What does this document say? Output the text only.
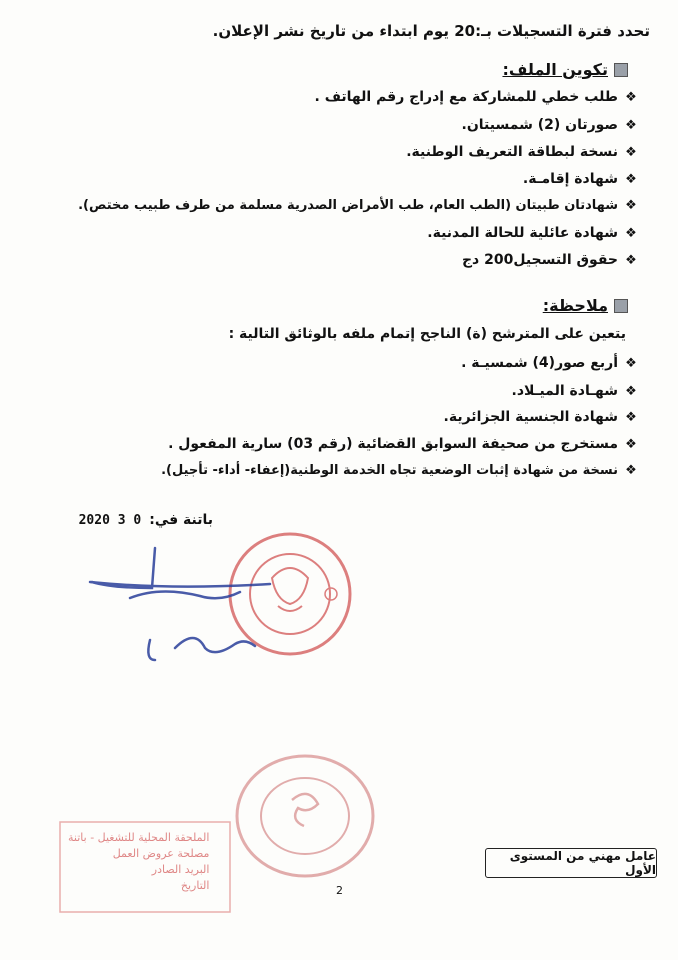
تحدد فترة التسجيلات بـ:20 يوم ابتداء من تاريخ نشر الإعلان.
تكوين الملف:
❖
طلب خطي للمشاركة مع إدراج رقم الهاتف .
❖
صورتان (2) شمسيتان.
❖
نسخة لبطاقة التعريف الوطنية.
❖
شهادة إقامـة.
❖
شهادتان طبيتان (الطب العام، طب الأمراض الصدرية مسلمة من طرف طبيب مختص).
❖
شهادة عائلية للحالة المدنية.
❖
حقوق التسجيل200 دج
ملاحظة:
يتعين على المترشح (ة) الناجح إتمام ملفه بالوثائق التالية :
❖
أربع صور(4) شمسيـة .
❖
شهـادة الميـلاد.
❖
شهادة الجنسية الجزائرية.
❖
مستخرج من صحيفة السوابق القضائية (رقم 03) سارية المفعول .
❖
نسخة من شهادة إثبات الوضعية تجاه الخدمة الوطنية(إعفاء- أداء- تأجيل).
باتنة في:
2020 3 0
عامل مهني من المستوى الأول
2
الملحقة المحلية للتشغيل - باتنة
مصلحة عروض العمل
البريد الصادر
التاريخ
